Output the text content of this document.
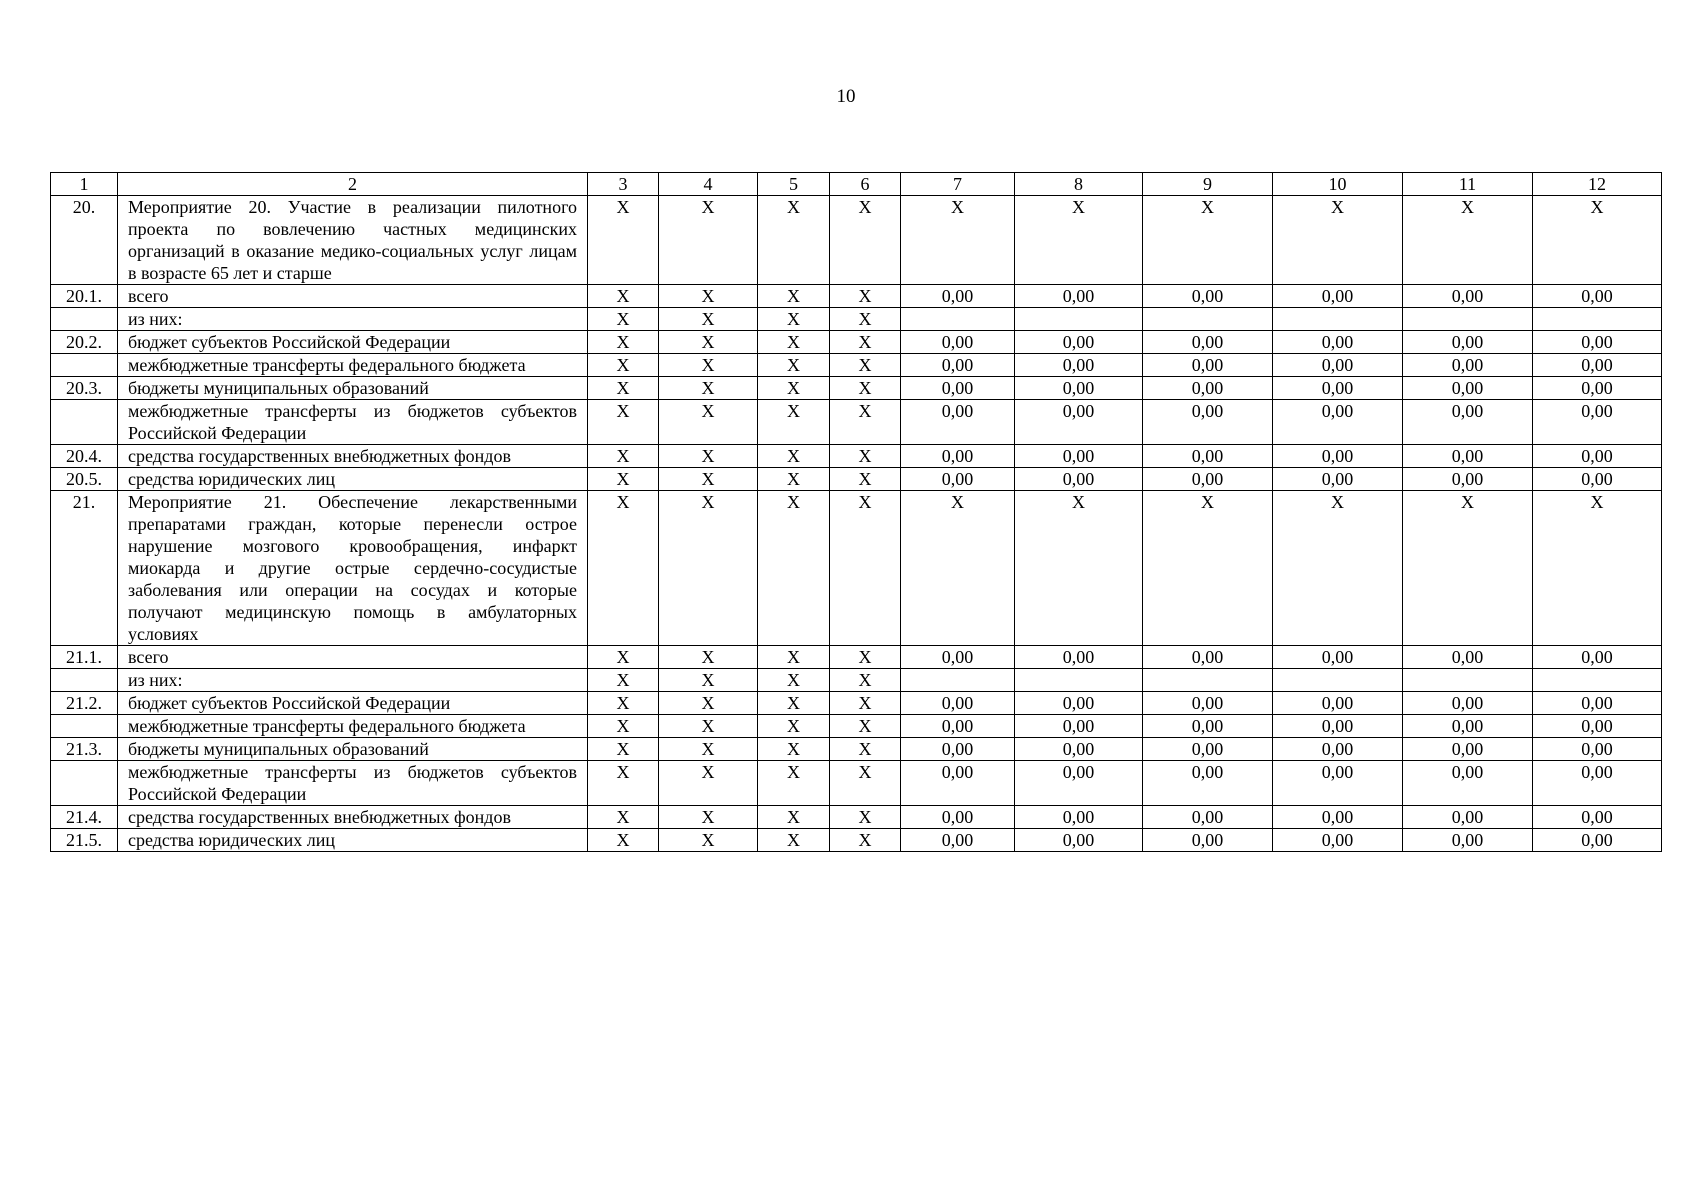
10
1	2	3	4	5	6	7	8	9	10	11	12
20.	Мероприятие 20. Участие в реализации пилотного проекта по вовлечению частных медицинских организаций в оказание медико-социальных услуг лицам в возрасте 65 лет и старше	X	X	X	X	X	X	X	X	X	X
20.1.	всего	X	X	X	X	0,00	0,00	0,00	0,00	0,00	0,00
	из них:	X	X	X	X						
20.2.	бюджет субъектов Российской Федерации	X	X	X	X	0,00	0,00	0,00	0,00	0,00	0,00
	межбюджетные трансферты федерального бюджета	X	X	X	X	0,00	0,00	0,00	0,00	0,00	0,00
20.3.	бюджеты муниципальных образований	X	X	X	X	0,00	0,00	0,00	0,00	0,00	0,00
	межбюджетные трансферты из бюджетов субъектов Российской Федерации	X	X	X	X	0,00	0,00	0,00	0,00	0,00	0,00
20.4.	средства государственных внебюджетных фондов	X	X	X	X	0,00	0,00	0,00	0,00	0,00	0,00
20.5.	средства юридических лиц	X	X	X	X	0,00	0,00	0,00	0,00	0,00	0,00
21.	Мероприятие 21. Обеспечение лекарственными препаратами граждан, которые перенесли острое нарушение мозгового кровообращения, инфаркт миокарда и другие острые сердечно-сосудистые заболевания или операции на сосудах и которые получают медицинскую помощь в амбулаторных условиях	X	X	X	X	X	X	X	X	X	X
21.1.	всего	X	X	X	X	0,00	0,00	0,00	0,00	0,00	0,00
	из них:	X	X	X	X						
21.2.	бюджет субъектов Российской Федерации	X	X	X	X	0,00	0,00	0,00	0,00	0,00	0,00
	межбюджетные трансферты федерального бюджета	X	X	X	X	0,00	0,00	0,00	0,00	0,00	0,00
21.3.	бюджеты муниципальных образований	X	X	X	X	0,00	0,00	0,00	0,00	0,00	0,00
	межбюджетные трансферты из бюджетов субъектов Российской Федерации	X	X	X	X	0,00	0,00	0,00	0,00	0,00	0,00
21.4.	средства государственных внебюджетных фондов	X	X	X	X	0,00	0,00	0,00	0,00	0,00	0,00
21.5.	средства юридических лиц	X	X	X	X	0,00	0,00	0,00	0,00	0,00	0,00
